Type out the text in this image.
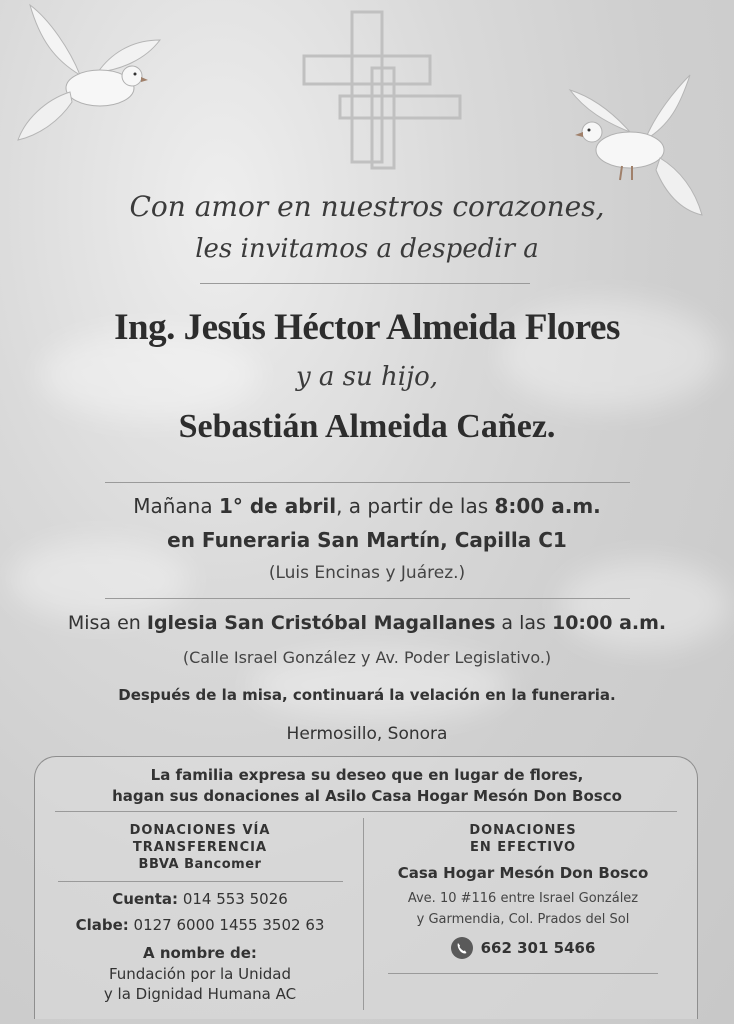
Con amor en nuestros corazones,
les invitamos a despedir a
Ing. Jesús Héctor Almeida Flores
y a su hijo,
Sebastián Almeida Cañez.
Mañana 1° de abril, a partir de las 8:00 a.m.
en Funeraria San Martín, Capilla C1
(Luis Encinas y Juárez.)
Misa en Iglesia San Cristóbal Magallanes a las 10:00 a.m.
(Calle Israel González y Av. Poder Legislativo.)
Después de la misa, continuará la velación en la funeraria.
Hermosillo, Sonora
La familia expresa su deseo que en lugar de flores,
hagan sus donaciones al Asilo Casa Hogar Mesón Don Bosco
DONACIONES VÍA
TRANSFERENCIA
BBVA Bancomer
Cuenta: 014 553 5026
Clabe: 0127 6000 1455 3502 63
A nombre de:
Fundación por la Unidad
y la Dignidad Humana AC
DONACIONES
EN EFECTIVO
Casa Hogar Mesón Don Bosco
Ave. 10 #116 entre Israel González
y Garmendia, Col. Prados del Sol
662 301 5466
